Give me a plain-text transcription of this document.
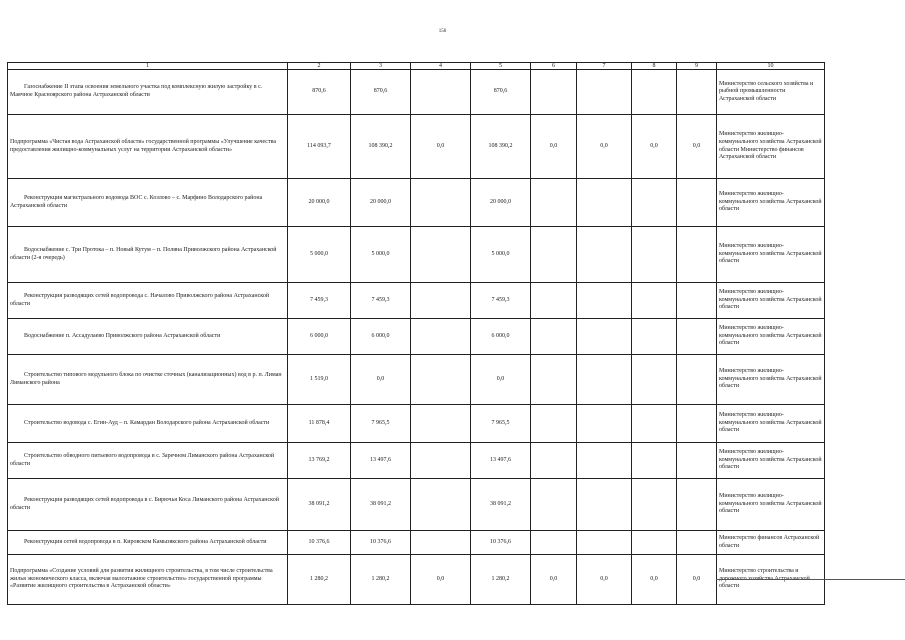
156
1	2	3	4	5	6	7	8	9	10
Газоснабжение II этапа освоения земельного участка под комплексную жилую застройку в с. Маячное Красноярского района Астраханской области	870,6	870,6		870,6					Министерство сельского хозяйства и рыбной промышленности Астраханской области
Подпрограмма «Чистая вода Астраханской области» государственной программы «Улучшение качества предоставления жилищно-коммунальных услуг на территории Астраханской области»	114 093,7	108 390,2	0,0	108 390,2	0,0	0,0	0,0	0,0	Министерство жилищно-коммунального хозяйства Астраханской области Министерство финансов Астраханской области
Реконструкция магистрального водовода ВОС с. Козлово – с. Марфино Володарского района Астраханской области	20 000,0	20 000,0		20 000,0					Министерство жилищно-коммунального хозяйства Астраханской области
Водоснабжение с. Три Протока – п. Новый Кутум – п. Поляна Приволжского района Астраханской области (2-я очередь)	5 000,0	5 000,0		5 000,0					Министерство жилищно-коммунального хозяйства Астраханской области
Реконструкция разводящих сетей водопровода с. Началово Приволжского района Астраханской области	7 459,3	7 459,3		7 459,3					Министерство жилищно-коммунального хозяйства Астраханской области
Водоснабжение п. Ассадулаево Приволжского района Астраханской области	6 000,0	6 000,0		6 000,0					Министерство жилищно-коммунального хозяйства Астраханской области
Строительство типового модульного блока по очистке сточных (канализационных) вод в р. п. Лиман Лиманского района	1 519,0	0,0		0,0					Министерство жилищно-коммунального хозяйства Астраханской области
Строительство водовода с. Егин-Ауд – п. Камардан Володарского района Астраханской области	11 878,4	7 965,5		7 965,5					Министерство жилищно-коммунального хозяйства Астраханской области
Строительство обводного питьевого водопровода в с. Заречном Лиманского района Астраханской области	13 769,2	13 497,6		13 497,6					Министерство жилищно-коммунального хозяйства Астраханской области
Реконструкция разводящих сетей водопровода в с. Бирючья Коса Лиманского района Астраханской области	38 091,2	38 091,2		38 091,2					Министерство жилищно-коммунального хозяйства Астраханской области
Реконструкция сетей водопровода в п. Кировском Камызякского района Астраханской области	10 376,6	10 376,6		10 376,6					Министерство финансов Астраханской области
Подпрограмма «Создание условий для развития жилищного строительства, в том числе строительства жилья экономического класса, включая малоэтажное строительство» государственной программы «Развитие жилищного строительства в Астраханской области»	1 280,2	1 280,2	0,0	1 280,2	0,0	0,0	0,0	0,0	Министерство строительства и области
